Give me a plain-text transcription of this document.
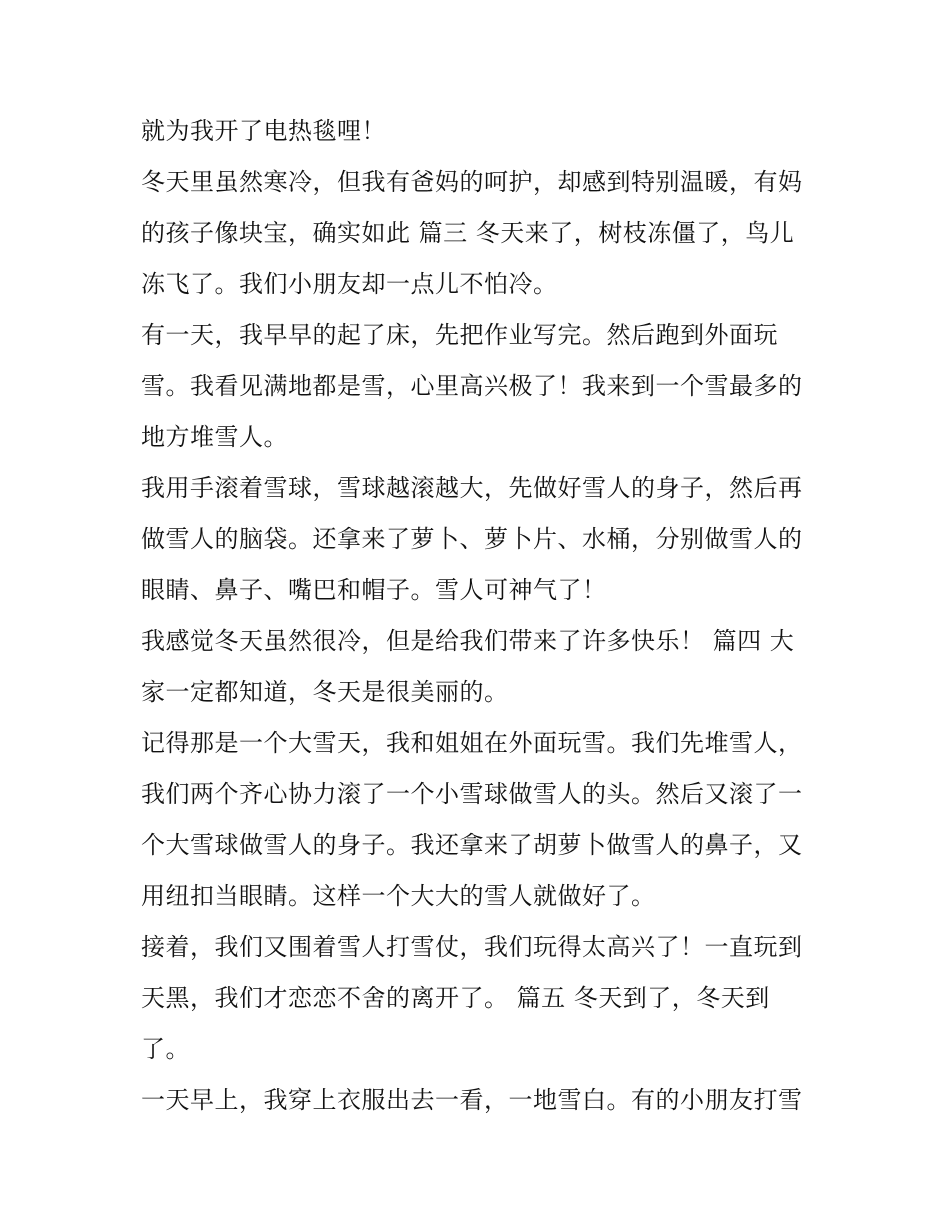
就为我开了电热毯哩！
冬天里虽然寒冷，但我有爸妈的呵护，却感到特别温暖，有妈
的孩子像块宝，确实如此 篇三 冬天来了，树枝冻僵了，鸟儿
冻飞了。我们小朋友却一点儿不怕冷。
有一天，我早早的起了床，先把作业写完。然后跑到外面玩
雪。我看见满地都是雪，心里高兴极了！我来到一个雪最多的
地方堆雪人。
我用手滚着雪球，雪球越滚越大，先做好雪人的身子，然后再
做雪人的脑袋。还拿来了萝卜、萝卜片、水桶，分别做雪人的
眼睛、鼻子、嘴巴和帽子。雪人可神气了！
我感觉冬天虽然很冷，但是给我们带来了许多快乐！ 篇四 大
家一定都知道，冬天是很美丽的。
记得那是一个大雪天，我和姐姐在外面玩雪。我们先堆雪人，
我们两个齐心协力滚了一个小雪球做雪人的头。然后又滚了一
个大雪球做雪人的身子。我还拿来了胡萝卜做雪人的鼻子，又
用纽扣当眼睛。这样一个大大的雪人就做好了。
接着，我们又围着雪人打雪仗，我们玩得太高兴了！一直玩到
天黑，我们才恋恋不舍的离开了。 篇五 冬天到了，冬天到
了。
一天早上，我穿上衣服出去一看，一地雪白。有的小朋友打雪
